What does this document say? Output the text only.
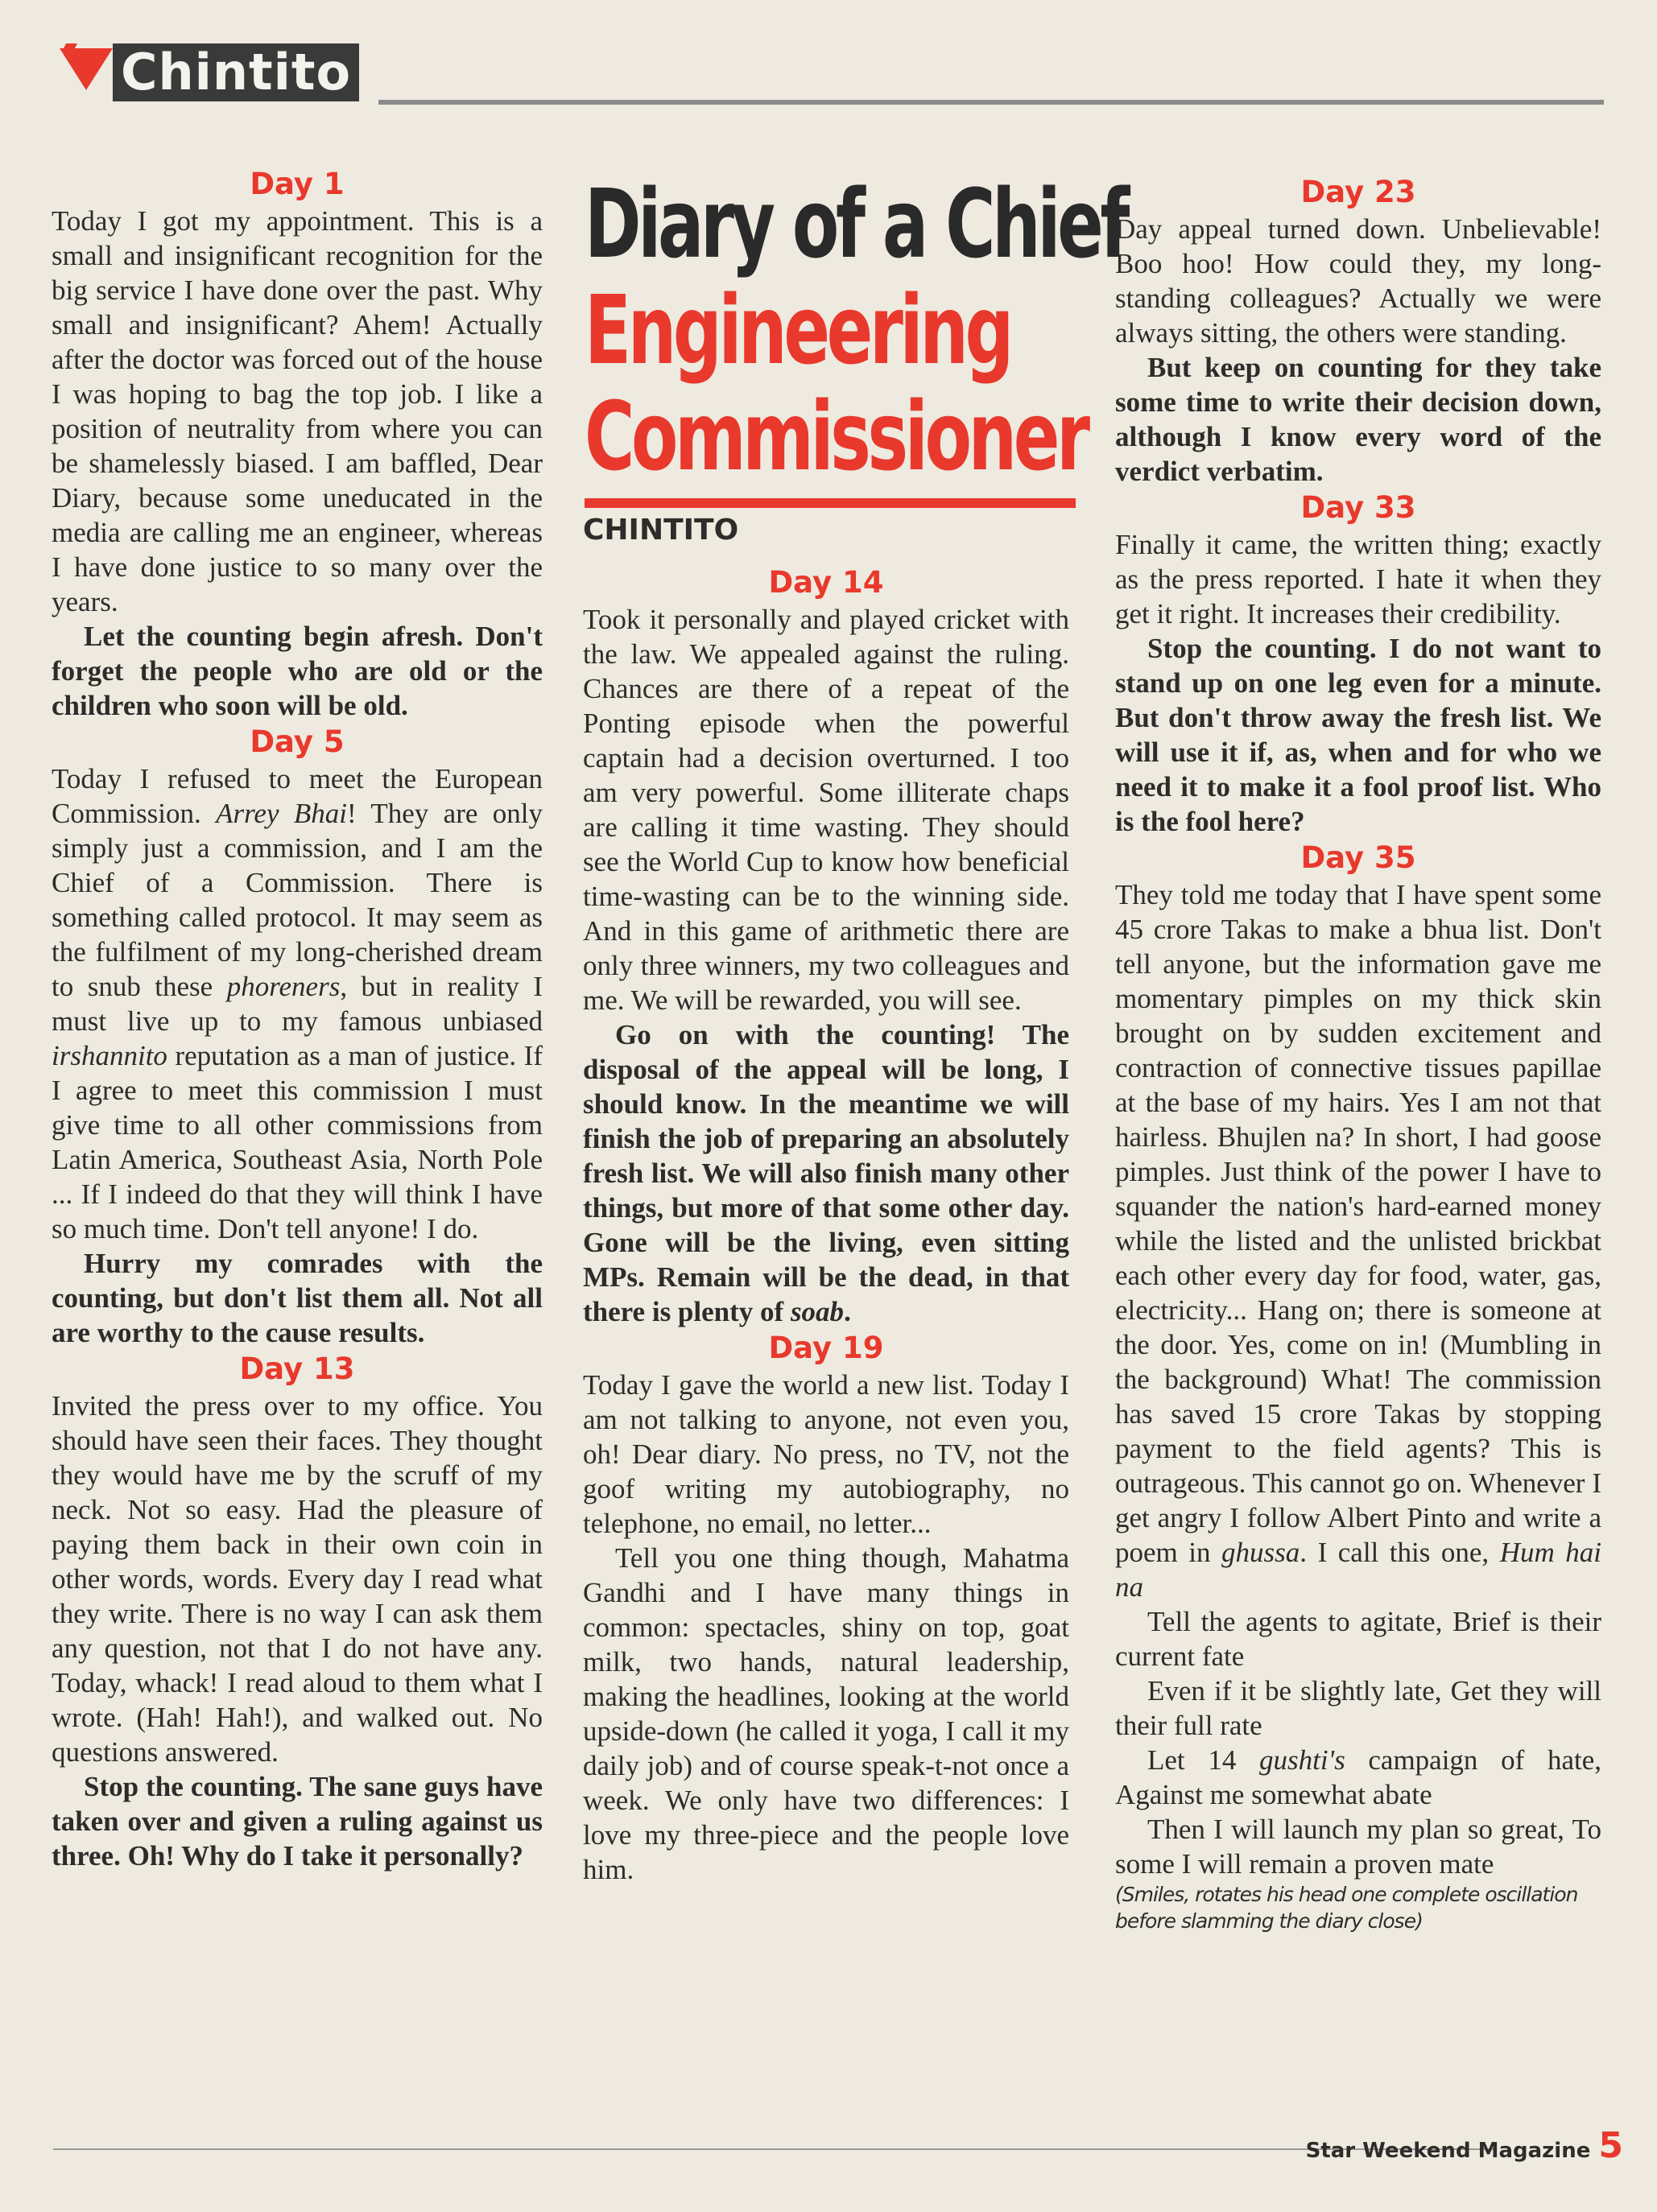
Chintito
Diary of a Chief
Engineering
Commissioner
CHINTITO

Day 1

Today I got my appointment. This is a small and insignificant recognition for the big service I have done over the past. Why small and insignificant? Ahem! Actually after the doctor was forced out of the house I was hoping to bag the top job. I like a position of neutrality from where you can be shamelessly biased. I am baffled, Dear Diary, because some uneducated in the media are calling me an engineer, whereas I have done justice to so many over the years.

Let the counting begin afresh. Don't forget the people who are old or the children who soon will be old.

Day 5

Today I refused to meet the European Commission. Arrey Bhai! They are only simply just a commission, and I am the Chief of a Commission. There is something called protocol. It may seem as the fulfilment of my long-cherished dream to snub these phoreners, but in reality I must live up to my famous unbiased irshannito reputation as a man of justice. If I agree to meet this commission I must give time to all other commissions from Latin America, Southeast Asia, North Pole ... If I indeed do that they will think I have so much time. Don't tell anyone! I do.

Hurry my comrades with the counting, but don't list them all. Not all are worthy to the cause results.

Day 13

Invited the press over to my office. You should have seen their faces. They thought they would have me by the scruff of my neck. Not so easy. Had the pleasure of paying them back in their own coin in other words, words. Every day I read what they write. There is no way I can ask them any question, not that I do not have any. Today, whack! I read aloud to them what I wrote. (Hah! Hah!), and walked out. No questions answered.

Stop the counting. The sane guys have taken over and given a ruling against us three. Oh! Why do I take it personally?

Day 14

Took it personally and played cricket with the law. We appealed against the ruling. Chances are there of a repeat of the Ponting episode when the powerful captain had a decision overturned. I too am very powerful. Some illiterate chaps are calling it time wasting. They should see the World Cup to know how beneficial time-wasting can be to the winning side. And in this game of arithmetic there are only three winners, my two colleagues and me. We will be rewarded, you will see.

Go on with the counting! The disposal of the appeal will be long, I should know. In the meantime we will finish the job of preparing an absolutely fresh list. We will also finish many other things, but more of that some other day. Gone will be the living, even sitting MPs. Remain will be the dead, in that there is plenty of soab.

Day 19

Today I gave the world a new list. Today I am not talking to anyone, not even you, oh! Dear diary. No press, no TV, not the goof writing my autobiography, no telephone, no email, no letter...

Tell you one thing though, Mahatma Gandhi and I have many things in common: spectacles, shiny on top, goat milk, two hands, natural leadership, making the headlines, looking at the world upside-down (he called it yoga, I call it my daily job) and of course speak-t-not once a week. We only have two differences: I love my three-piece and the people love him.

Day 23

Day appeal turned down. Unbelievable! Boo hoo! How could they, my long-standing colleagues? Actually we were always sitting, the others were standing.

But keep on counting for they take some time to write their decision down, although I know every word of the verdict verbatim.

Day 33

Finally it came, the written thing; exactly as the press reported. I hate it when they get it right. It increases their credibility.

Stop the counting. I do not want to stand up on one leg even for a minute. But don't throw away the fresh list. We will use it if, as, when and for who we need it to make it a fool proof list. Who is the fool here?

Day 35

They told me today that I have spent some 45 crore Takas to make a bhua list. Don't tell anyone, but the information gave me momentary pimples on my thick skin brought on by sudden excitement and contraction of connective tissues papillae at the base of my hairs. Yes I am not that hairless. Bhujlen na? In short, I had goose pimples. Just think of the power I have to squander the nation's hard-earned money while the listed and the unlisted brickbat each other every day for food, water, gas, electricity... Hang on; there is someone at the door. Yes, come on in! (Mumbling in the background) What! The commission has saved 15 crore Takas by stopping payment to the field agents? This is outrageous. This cannot go on. Whenever I get angry I follow Albert Pinto and write a poem in ghussa. I call this one, Hum hai na

Tell the agents to agitate, Brief is their current fate

Even if it be slightly late, Get they will their full rate

Let 14 gushti's campaign of hate, Against me somewhat abate

Then I will launch my plan so great, To some I will remain a proven mate

(Smiles, rotates his head one complete oscillation before slamming the diary close)

Star Weekend Magazine 5
